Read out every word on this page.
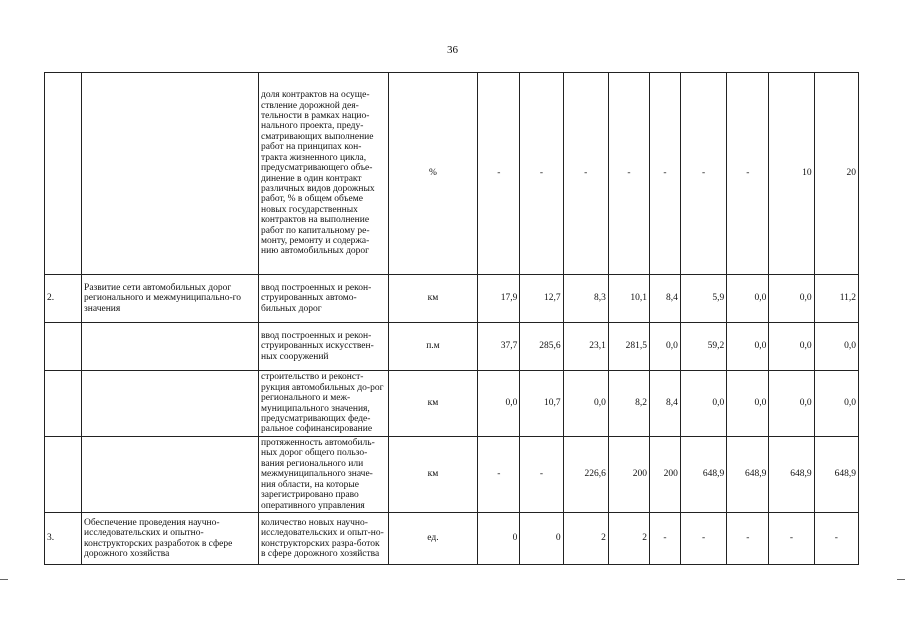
36
		доля контрактов на осуще-ствление дорожной дея-тельности в рамках нацио-нального проекта, преду-сматривающих выполнение работ на принципах кон-тракта жизненного цикла, предусматривающего объе-динение в один контракт различных видов дорожных работ, % в общем объеме новых государственных контрактов на выполнение работ по капитальному ре-монту, ремонту и содержа-нию автомобильных дорог	%	-	-	-	-	-	-	-	10	20
2.	Развитие сети автомобильных дорог регионального и межмуниципально-го значения	ввод построенных и рекон-струированных автомо-бильных дорог	км	17,9	12,7	8,3	10,1	8,4	5,9	0,0	0,0	11,2
		ввод построенных и рекон-струированных искусствен-ных сооружений	п.м	37,7	285,6	23,1	281,5	0,0	59,2	0,0	0,0	0,0
		строительство и реконст-рукция автомобильных до-рог регионального и меж-муниципального значения, предусматривающих феде-ральное софинансирование	км	0,0	10,7	0,0	8,2	8,4	0,0	0,0	0,0	0,0
		протяженность автомобиль-ных дорог общего пользо-вания регионального или межмуниципального значе-ния области, на которые зарегистрировано право оперативного управления	км	-	-	226,6	200	200	648,9	648,9	648,9	648,9
3.	Обеспечение проведения научно-исследовательских и опытно-конструкторских разработок в сфере дорожного хозяйства	количество новых научно-исследовательских и опыт-но-конструкторских разра-боток в сфере дорожного хозяйства	ед.	0	0	2	2	-	-	-	-	-
